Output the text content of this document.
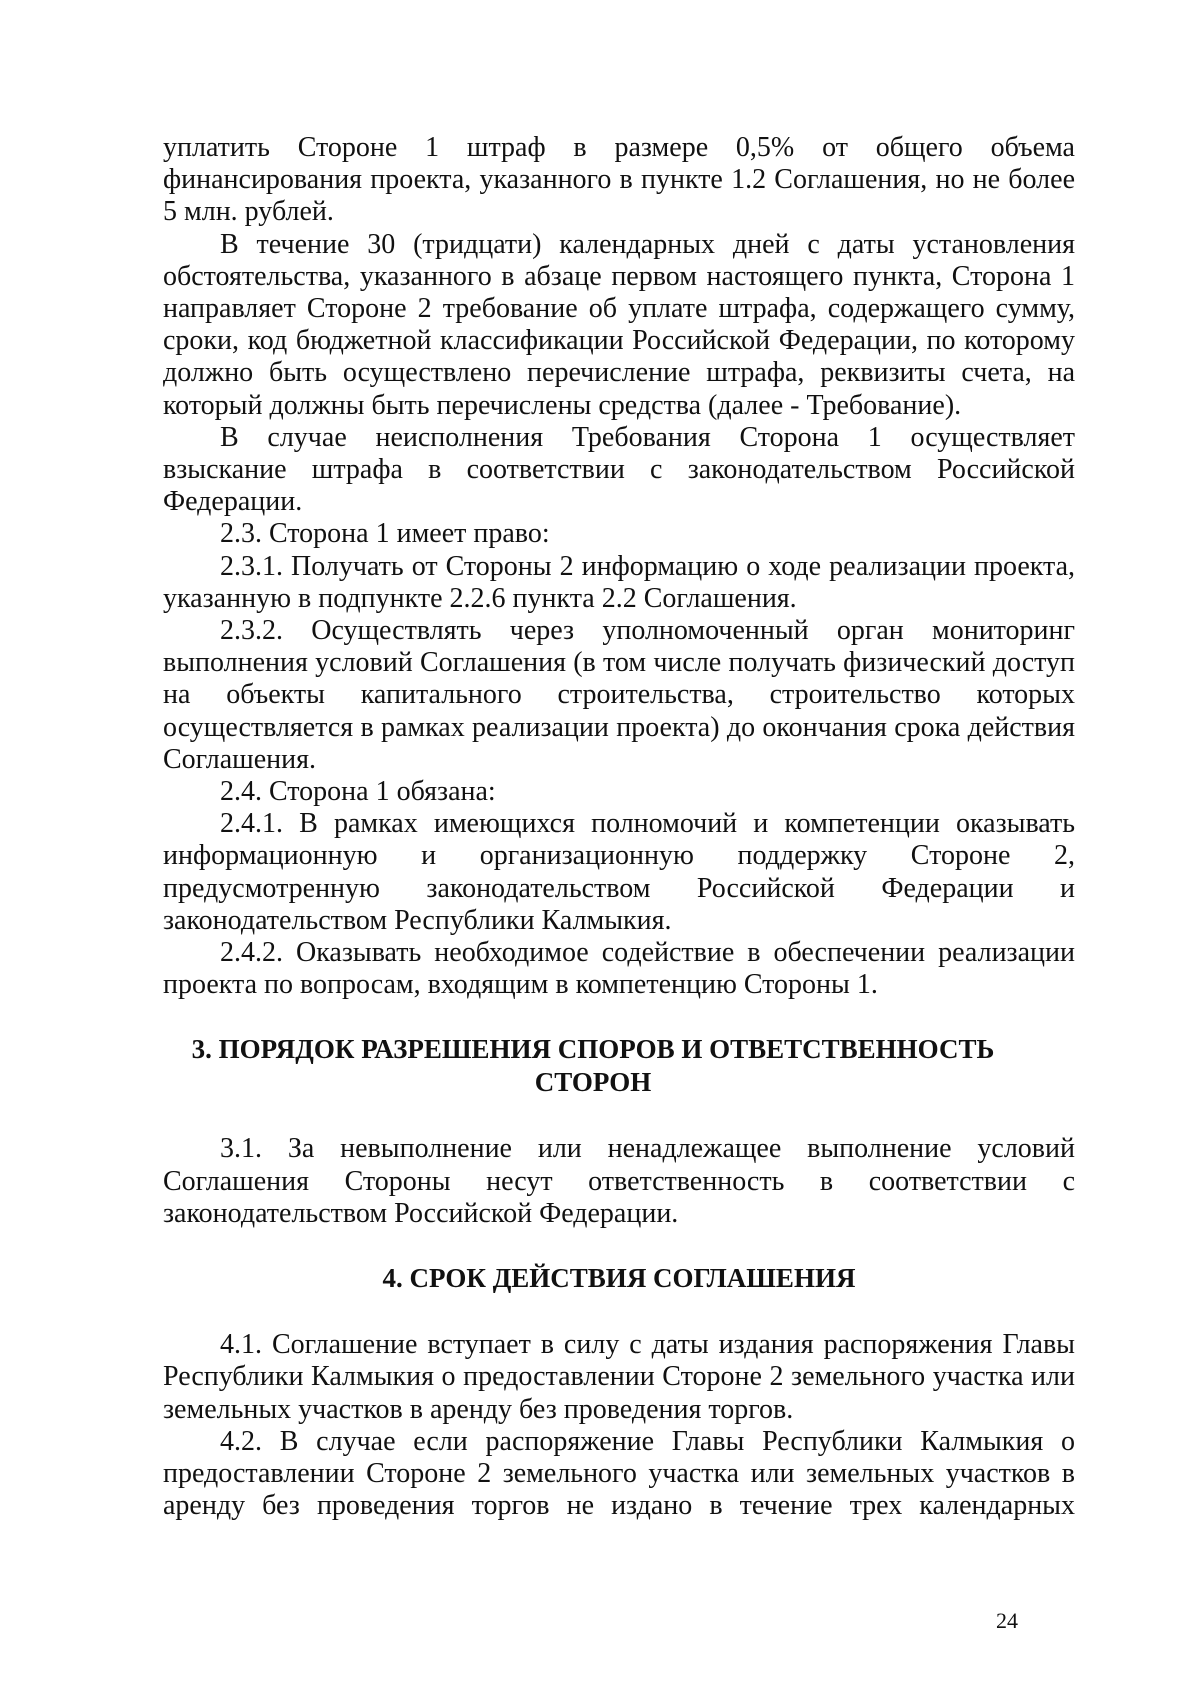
уплатить Стороне 1 штраф в размере 0,5% от общего объема финансирования проекта, указанного в пункте 1.2 Соглашения, но не более 5 млн. рублей.

В течение 30 (тридцати) календарных дней с даты установления обстоятельства, указанного в абзаце первом настоящего пункта, Сторона 1 направляет Стороне 2 требование об уплате штрафа, содержащего сумму, сроки, код бюджетной классификации Российской Федерации, по которому должно быть осуществлено перечисление штрафа, реквизиты счета, на который должны быть перечислены средства (далее - Требование).

В случае неисполнения Требования Сторона 1 осуществляет взыскание штрафа в соответствии с законодательством Российской Федерации.

2.3. Сторона 1 имеет право:

2.3.1. Получать от Стороны 2 информацию о ходе реализации проекта, указанную в подпункте 2.2.6 пункта 2.2 Соглашения.

2.3.2. Осуществлять через уполномоченный орган мониторинг выполнения условий Соглашения (в том числе получать физический доступ на объекты капитального строительства, строительство которых осуществляется в рамках реализации проекта) до окончания срока действия Соглашения.

2.4. Сторона 1 обязана:

2.4.1. В рамках имеющихся полномочий и компетенции оказывать информационную и организационную поддержку Стороне 2, предусмотренную законодательством Российской Федерации и законодательством Республики Калмыкия.

2.4.2. Оказывать необходимое содействие в обеспечении реализации проекта по вопросам, входящим в компетенцию Стороны 1.

3. ПОРЯДОК РАЗРЕШЕНИЯ СПОРОВ И ОТВЕТСТВЕННОСТЬ СТОРОН

3.1. За невыполнение или ненадлежащее выполнение условий Соглашения Стороны несут ответственность в соответствии с законодательством Российской Федерации.

4. СРОК ДЕЙСТВИЯ СОГЛАШЕНИЯ

4.1. Соглашение вступает в силу с даты издания распоряжения Главы Республики Калмыкия о предоставлении Стороне 2 земельного участка или земельных участков в аренду без проведения торгов.

4.2. В случае если распоряжение Главы Республики Калмыкия о предоставлении Стороне 2 земельного участка или земельных участков в аренду без проведения торгов не издано в течение трех календарных

24
